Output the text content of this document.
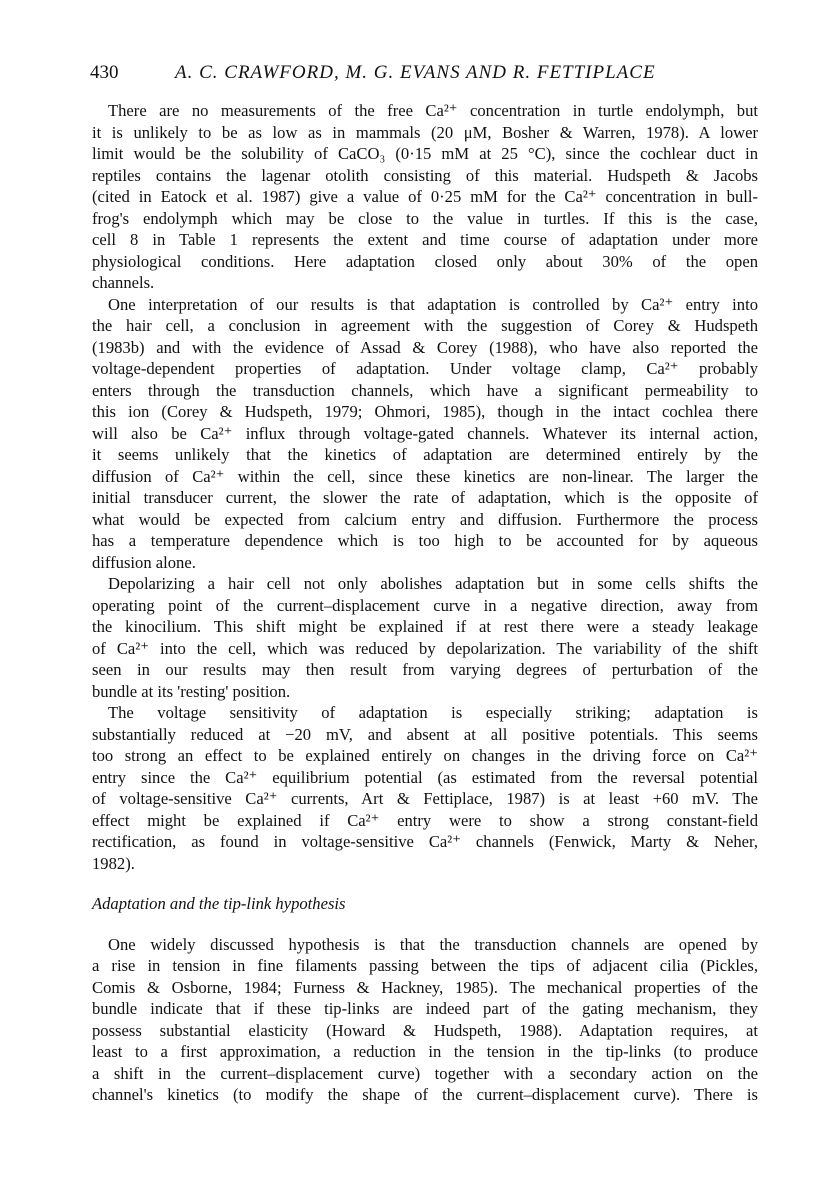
430	A. C. CRAWFORD, M. G. EVANS AND R. FETTIPLACE
There are no measurements of the free Ca²⁺ concentration in turtle endolymph, but
it is unlikely to be as low as in mammals (20 μM, Bosher & Warren, 1978). A lower
limit would be the solubility of CaCO₃ (0·15 mM at 25 °C), since the cochlear duct in
reptiles contains the lagenar otolith consisting of this material. Hudspeth & Jacobs
(cited in Eatock et al. 1987) give a value of 0·25 mM for the Ca²⁺ concentration in bull-
frog's endolymph which may be close to the value in turtles. If this is the case,
cell 8 in Table 1 represents the extent and time course of adaptation under more
physiological conditions. Here adaptation closed only about 30% of the open
channels.
One interpretation of our results is that adaptation is controlled by Ca²⁺ entry into
the hair cell, a conclusion in agreement with the suggestion of Corey & Hudspeth
(1983b) and with the evidence of Assad & Corey (1988), who have also reported the
voltage-dependent properties of adaptation. Under voltage clamp, Ca²⁺ probably
enters through the transduction channels, which have a significant permeability to
this ion (Corey & Hudspeth, 1979; Ohmori, 1985), though in the intact cochlea there
will also be Ca²⁺ influx through voltage-gated channels. Whatever its internal action,
it seems unlikely that the kinetics of adaptation are determined entirely by the
diffusion of Ca²⁺ within the cell, since these kinetics are non-linear. The larger the
initial transducer current, the slower the rate of adaptation, which is the opposite of
what would be expected from calcium entry and diffusion. Furthermore the process
has a temperature dependence which is too high to be accounted for by aqueous
diffusion alone.
Depolarizing a hair cell not only abolishes adaptation but in some cells shifts the
operating point of the current–displacement curve in a negative direction, away from
the kinocilium. This shift might be explained if at rest there were a steady leakage
of Ca²⁺ into the cell, which was reduced by depolarization. The variability of the shift
seen in our results may then result from varying degrees of perturbation of the
bundle at its 'resting' position.
The voltage sensitivity of adaptation is especially striking; adaptation is
substantially reduced at −20 mV, and absent at all positive potentials. This seems
too strong an effect to be explained entirely on changes in the driving force on Ca²⁺
entry since the Ca²⁺ equilibrium potential (as estimated from the reversal potential
of voltage-sensitive Ca²⁺ currents, Art & Fettiplace, 1987) is at least +60 mV. The
effect might be explained if Ca²⁺ entry were to show a strong constant-field
rectification, as found in voltage-sensitive Ca²⁺ channels (Fenwick, Marty & Neher,
1982).
Adaptation and the tip-link hypothesis
One widely discussed hypothesis is that the transduction channels are opened by
a rise in tension in fine filaments passing between the tips of adjacent cilia (Pickles,
Comis & Osborne, 1984; Furness & Hackney, 1985). The mechanical properties of the
bundle indicate that if these tip-links are indeed part of the gating mechanism, they
possess substantial elasticity (Howard & Hudspeth, 1988). Adaptation requires, at
least to a first approximation, a reduction in the tension in the tip-links (to produce
a shift in the current–displacement curve) together with a secondary action on the
channel's kinetics (to modify the shape of the current–displacement curve). There is
